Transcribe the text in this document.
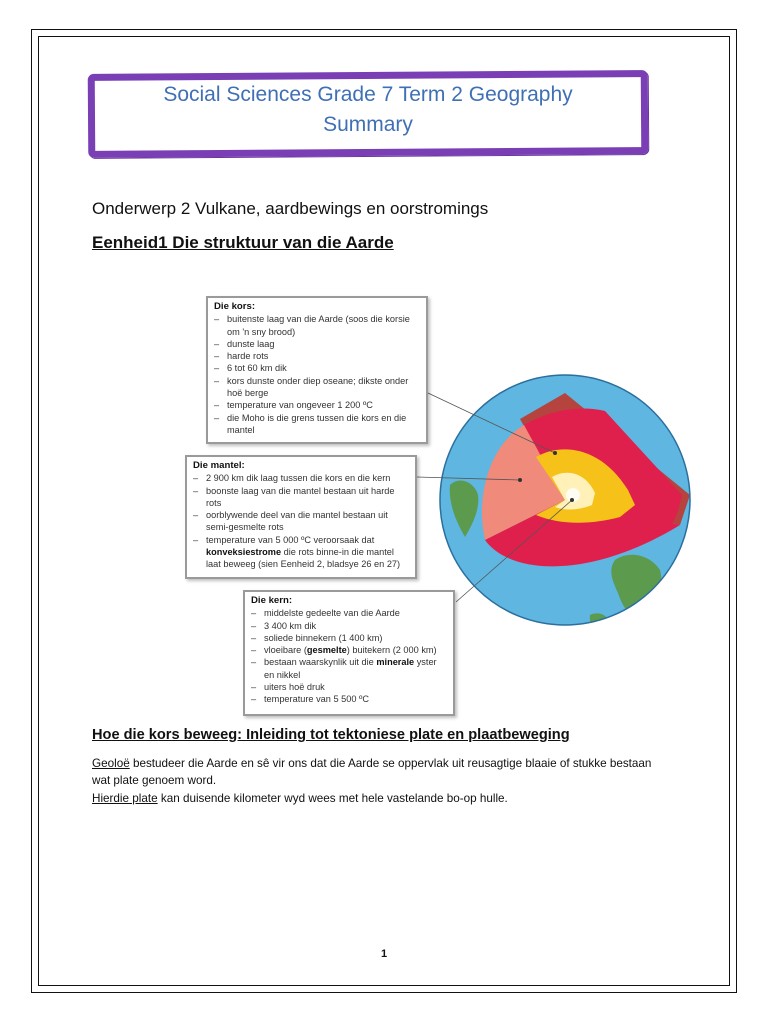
Social Sciences Grade 7 Term 2 Geography
Summary
Onderwerp 2 Vulkane, aardbewings en oorstromings
Eenheid1 Die struktuur van die Aarde
Die kors:
– buitenste laag van die Aarde (soos die korsie om 'n sny brood)
– dunste laag
– harde rots
– 6 tot 60 km dik
– kors dunste onder diep oseane; dikste onder hoë berge
– temperature van ongeveer 1 200 ºC
– die Moho is die grens tussen die kors en die mantel
Die mantel:
– 2 900 km dik laag tussen die kors en die kern
– boonste laag van die mantel bestaan uit harde rots
– oorblywende deel van die mantel bestaan uit semi-gesmelte rots
– temperature van 5 000 ºC veroorsaak dat konveksiestrome die rots binne-in die mantel laat beweeg (sien Eenheid 2, bladsye 26 en 27)
Die kern:
– middelste gedeelte van die Aarde
– 3 400 km dik
– soliede binnekern (1 400 km)
– vloeibare (gesmelte) buitekern (2 000 km)
– bestaan waarskynlik uit die minerale yster en nikkel
– uiters hoë druk
– temperature van 5 500 ºC
Hoe die kors beweeg: Inleiding tot tektoniese plate en plaatbeweging
Geoloë bestudeer die Aarde en sê vir ons dat die Aarde se oppervlak uit reusagtige blaaie of stukke bestaan wat plate genoem word.
Hierdie plate kan duisende kilometer wyd wees met hele vastelande bo-op hulle.
1
